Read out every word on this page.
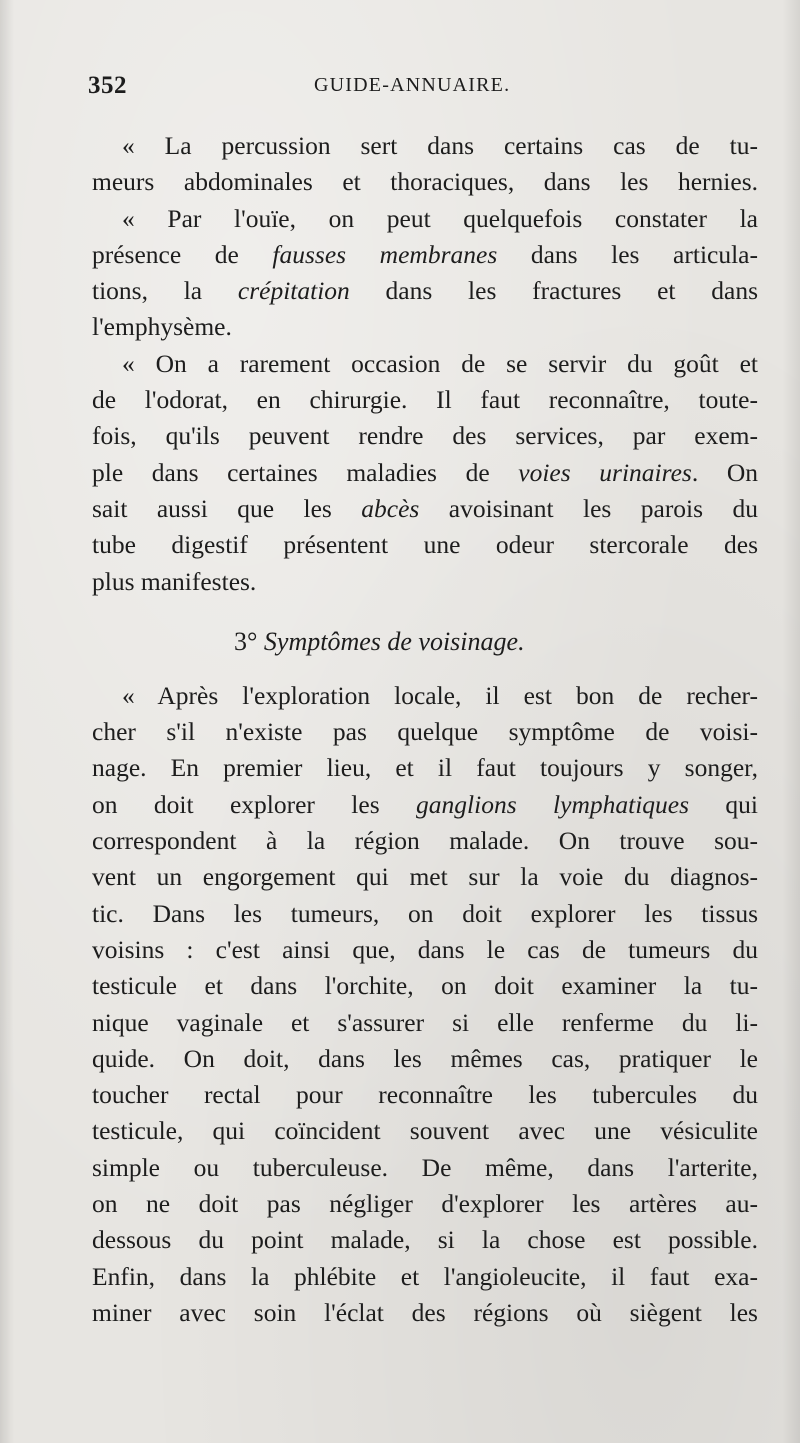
352	GUIDE-ANNUAIRE.
« La percussion sert dans certains cas de tu-
meurs abdominales et thoraciques, dans les hernies.
« Par l'ouïe, on peut quelquefois constater la
présence de fausses membranes dans les articula-
tions, la crépitation dans les fractures et dans
l'emphysème.
« On a rarement occasion de se servir du goût et
de l'odorat, en chirurgie. Il faut reconnaître, toute-
fois, qu'ils peuvent rendre des services, par exem-
ple dans certaines maladies de voies urinaires. On
sait aussi que les abcès avoisinant les parois du
tube digestif présentent une odeur stercorale des
plus manifestes.
3° Symptômes de voisinage.
« Après l'exploration locale, il est bon de recher-
cher s'il n'existe pas quelque symptôme de voisi-
nage. En premier lieu, et il faut toujours y songer,
on doit explorer les ganglions lymphatiques qui
correspondent à la région malade. On trouve sou-
vent un engorgement qui met sur la voie du diagnos-
tic. Dans les tumeurs, on doit explorer les tissus
voisins : c'est ainsi que, dans le cas de tumeurs du
testicule et dans l'orchite, on doit examiner la tu-
nique vaginale et s'assurer si elle renferme du li-
quide. On doit, dans les mêmes cas, pratiquer le
toucher rectal pour reconnaître les tubercules du
testicule, qui coïncident souvent avec une vésiculite
simple ou tuberculeuse. De même, dans l'arterite,
on ne doit pas négliger d'explorer les artères au-
dessous du point malade, si la chose est possible.
Enfin, dans la phlébite et l'angioleucite, il faut exa-
miner avec soin l'éclat des régions où siègent les
